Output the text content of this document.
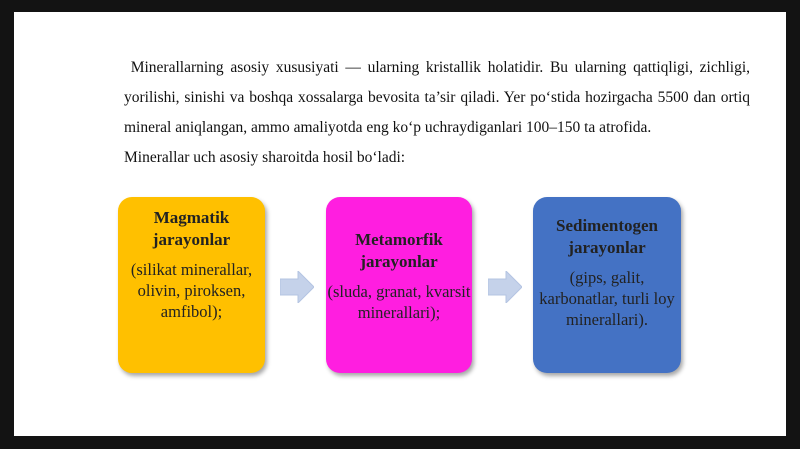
Minerallarning asosiy xususiyati — ularning kristallik holatidir. Bu ularning qattiqligi, zichligi, yorilishi, sinishi va boshqa xossalarga bevosita ta’sir qiladi. Yer po‘stida hozirgacha 5500 dan ortiq mineral aniqlangan, ammo amaliyotda eng ko‘p uchraydiganlari 100–150 ta atrofida.

Minerallar uch asosiy sharoitda hosil bo‘ladi:

Magmatik jarayonlar
(silikat minerallar, olivin, piroksen, amfibol);
Metamorfik jarayonlar
(sluda, granat, kvarsit minerallari);
Sedimentogen jarayonlar
(gips, galit, karbonatlar, turli loy minerallari).
